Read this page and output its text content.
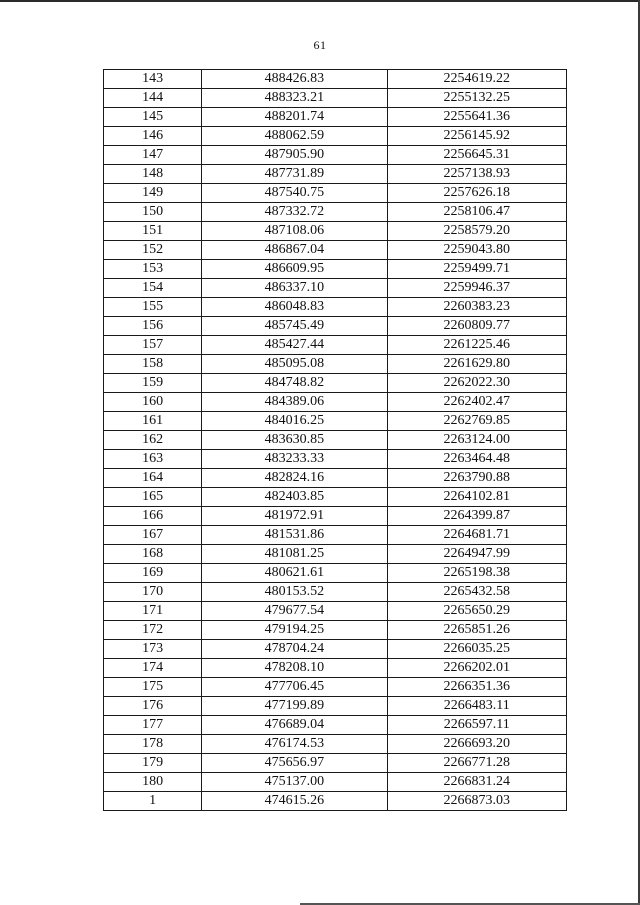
61
143	488426.83	2254619.22
144	488323.21	2255132.25
145	488201.74	2255641.36
146	488062.59	2256145.92
147	487905.90	2256645.31
148	487731.89	2257138.93
149	487540.75	2257626.18
150	487332.72	2258106.47
151	487108.06	2258579.20
152	486867.04	2259043.80
153	486609.95	2259499.71
154	486337.10	2259946.37
155	486048.83	2260383.23
156	485745.49	2260809.77
157	485427.44	2261225.46
158	485095.08	2261629.80
159	484748.82	2262022.30
160	484389.06	2262402.47
161	484016.25	2262769.85
162	483630.85	2263124.00
163	483233.33	2263464.48
164	482824.16	2263790.88
165	482403.85	2264102.81
166	481972.91	2264399.87
167	481531.86	2264681.71
168	481081.25	2264947.99
169	480621.61	2265198.38
170	480153.52	2265432.58
171	479677.54	2265650.29
172	479194.25	2265851.26
173	478704.24	2266035.25
174	478208.10	2266202.01
175	477706.45	2266351.36
176	477199.89	2266483.11
177	476689.04	2266597.11
178	476174.53	2266693.20
179	475656.97	2266771.28
180	475137.00	2266831.24
1	474615.26	2266873.03
